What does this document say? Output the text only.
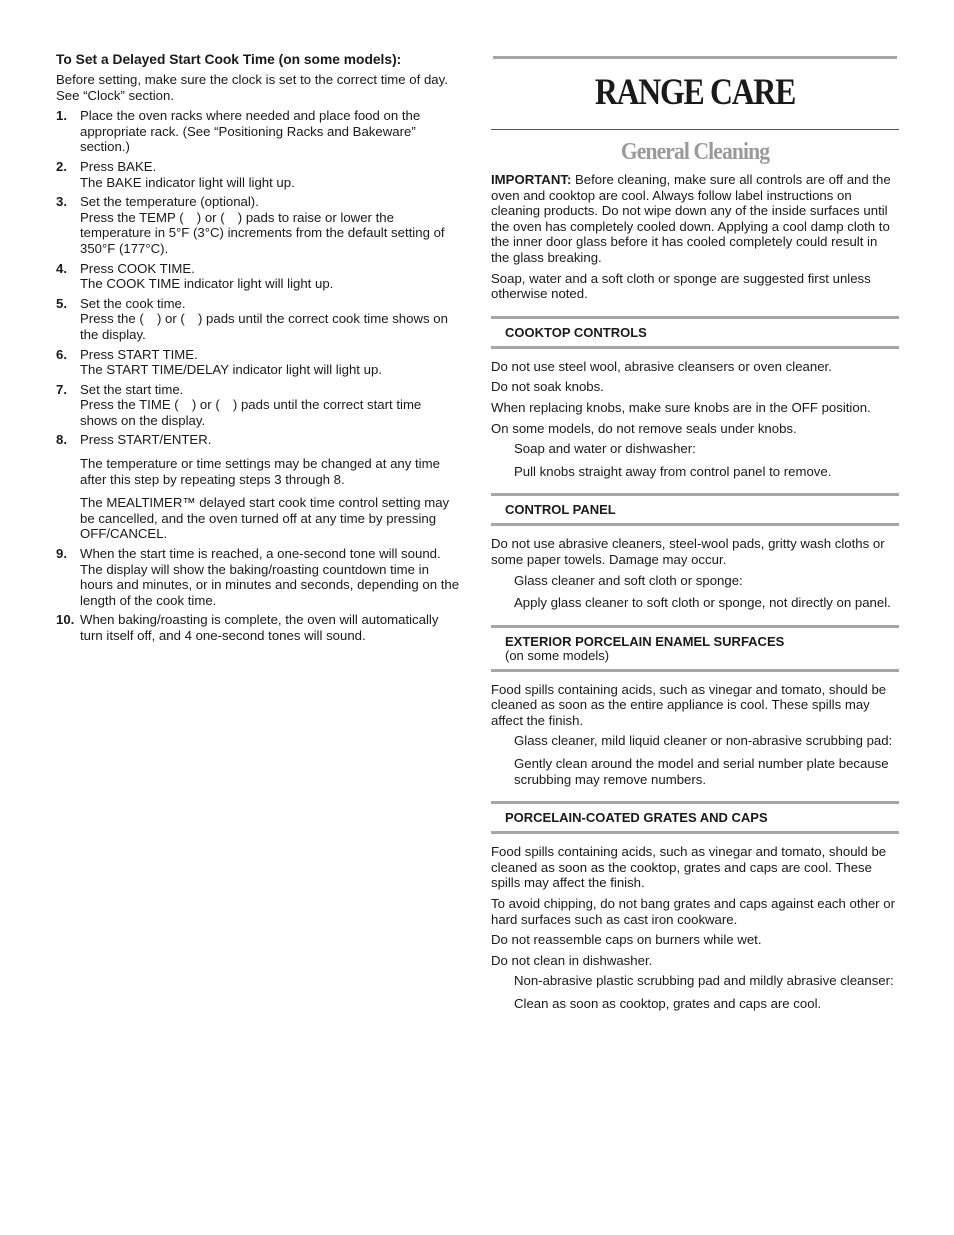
To Set a Delayed Start Cook Time (on some models):

Before setting, make sure the clock is set to the correct time of day. See “Clock” section.

1. Place the oven racks where needed and place food on the appropriate rack. (See “Positioning Racks and Bakeware” section.)
2. Press BAKE.
The BAKE indicator light will light up.
3. Set the temperature (optional).
Press the TEMP (  ) or (  ) pads to raise or lower the temperature in 5°F (3°C) increments from the default setting of 350°F (177°C).
4. Press COOK TIME.
The COOK TIME indicator light will light up.
5. Set the cook time.
Press the (  ) or (  ) pads until the correct cook time shows on the display.
6. Press START TIME.
The START TIME/DELAY indicator light will light up.
7. Set the start time.
Press the TIME (  ) or (  ) pads until the correct start time shows on the display.
8. Press START/ENTER.
The temperature or time settings may be changed at any time after this step by repeating steps 3 through 8.
The MEALTIMER™ delayed start cook time control setting may be cancelled, and the oven turned off at any time by pressing OFF/CANCEL.
9. When the start time is reached, a one-second tone will sound. The display will show the baking/roasting countdown time in hours and minutes, or in minutes and seconds, depending on the length of the cook time.
10. When baking/roasting is complete, the oven will automatically turn itself off, and 4 one-second tones will sound.
RANGE CARE
General Cleaning

IMPORTANT: Before cleaning, make sure all controls are off and the oven and cooktop are cool. Always follow label instructions on cleaning products. Do not wipe down any of the inside surfaces until the oven has completely cooled down. Applying a cool damp cloth to the inner door glass before it has cooled completely could result in the glass breaking.

Soap, water and a soft cloth or sponge are suggested first unless otherwise noted.

COOKTOP CONTROLS

Do not use steel wool, abrasive cleansers or oven cleaner.

Do not soak knobs.

When replacing knobs, make sure knobs are in the OFF position.

On some models, do not remove seals under knobs.

Soap and water or dishwasher:

Pull knobs straight away from control panel to remove.

CONTROL PANEL

Do not use abrasive cleaners, steel-wool pads, gritty wash cloths or some paper towels. Damage may occur.

Glass cleaner and soft cloth or sponge:

Apply glass cleaner to soft cloth or sponge, not directly on panel.

EXTERIOR PORCELAIN ENAMEL SURFACES
(on some models)

Food spills containing acids, such as vinegar and tomato, should be cleaned as soon as the entire appliance is cool. These spills may affect the finish.

Glass cleaner, mild liquid cleaner or non-abrasive scrubbing pad:

Gently clean around the model and serial number plate because scrubbing may remove numbers.

PORCELAIN-COATED GRATES AND CAPS

Food spills containing acids, such as vinegar and tomato, should be cleaned as soon as the cooktop, grates and caps are cool. These spills may affect the finish.

To avoid chipping, do not bang grates and caps against each other or hard surfaces such as cast iron cookware.

Do not reassemble caps on burners while wet.

Do not clean in dishwasher.

Non-abrasive plastic scrubbing pad and mildly abrasive cleanser:

Clean as soon as cooktop, grates and caps are cool.
